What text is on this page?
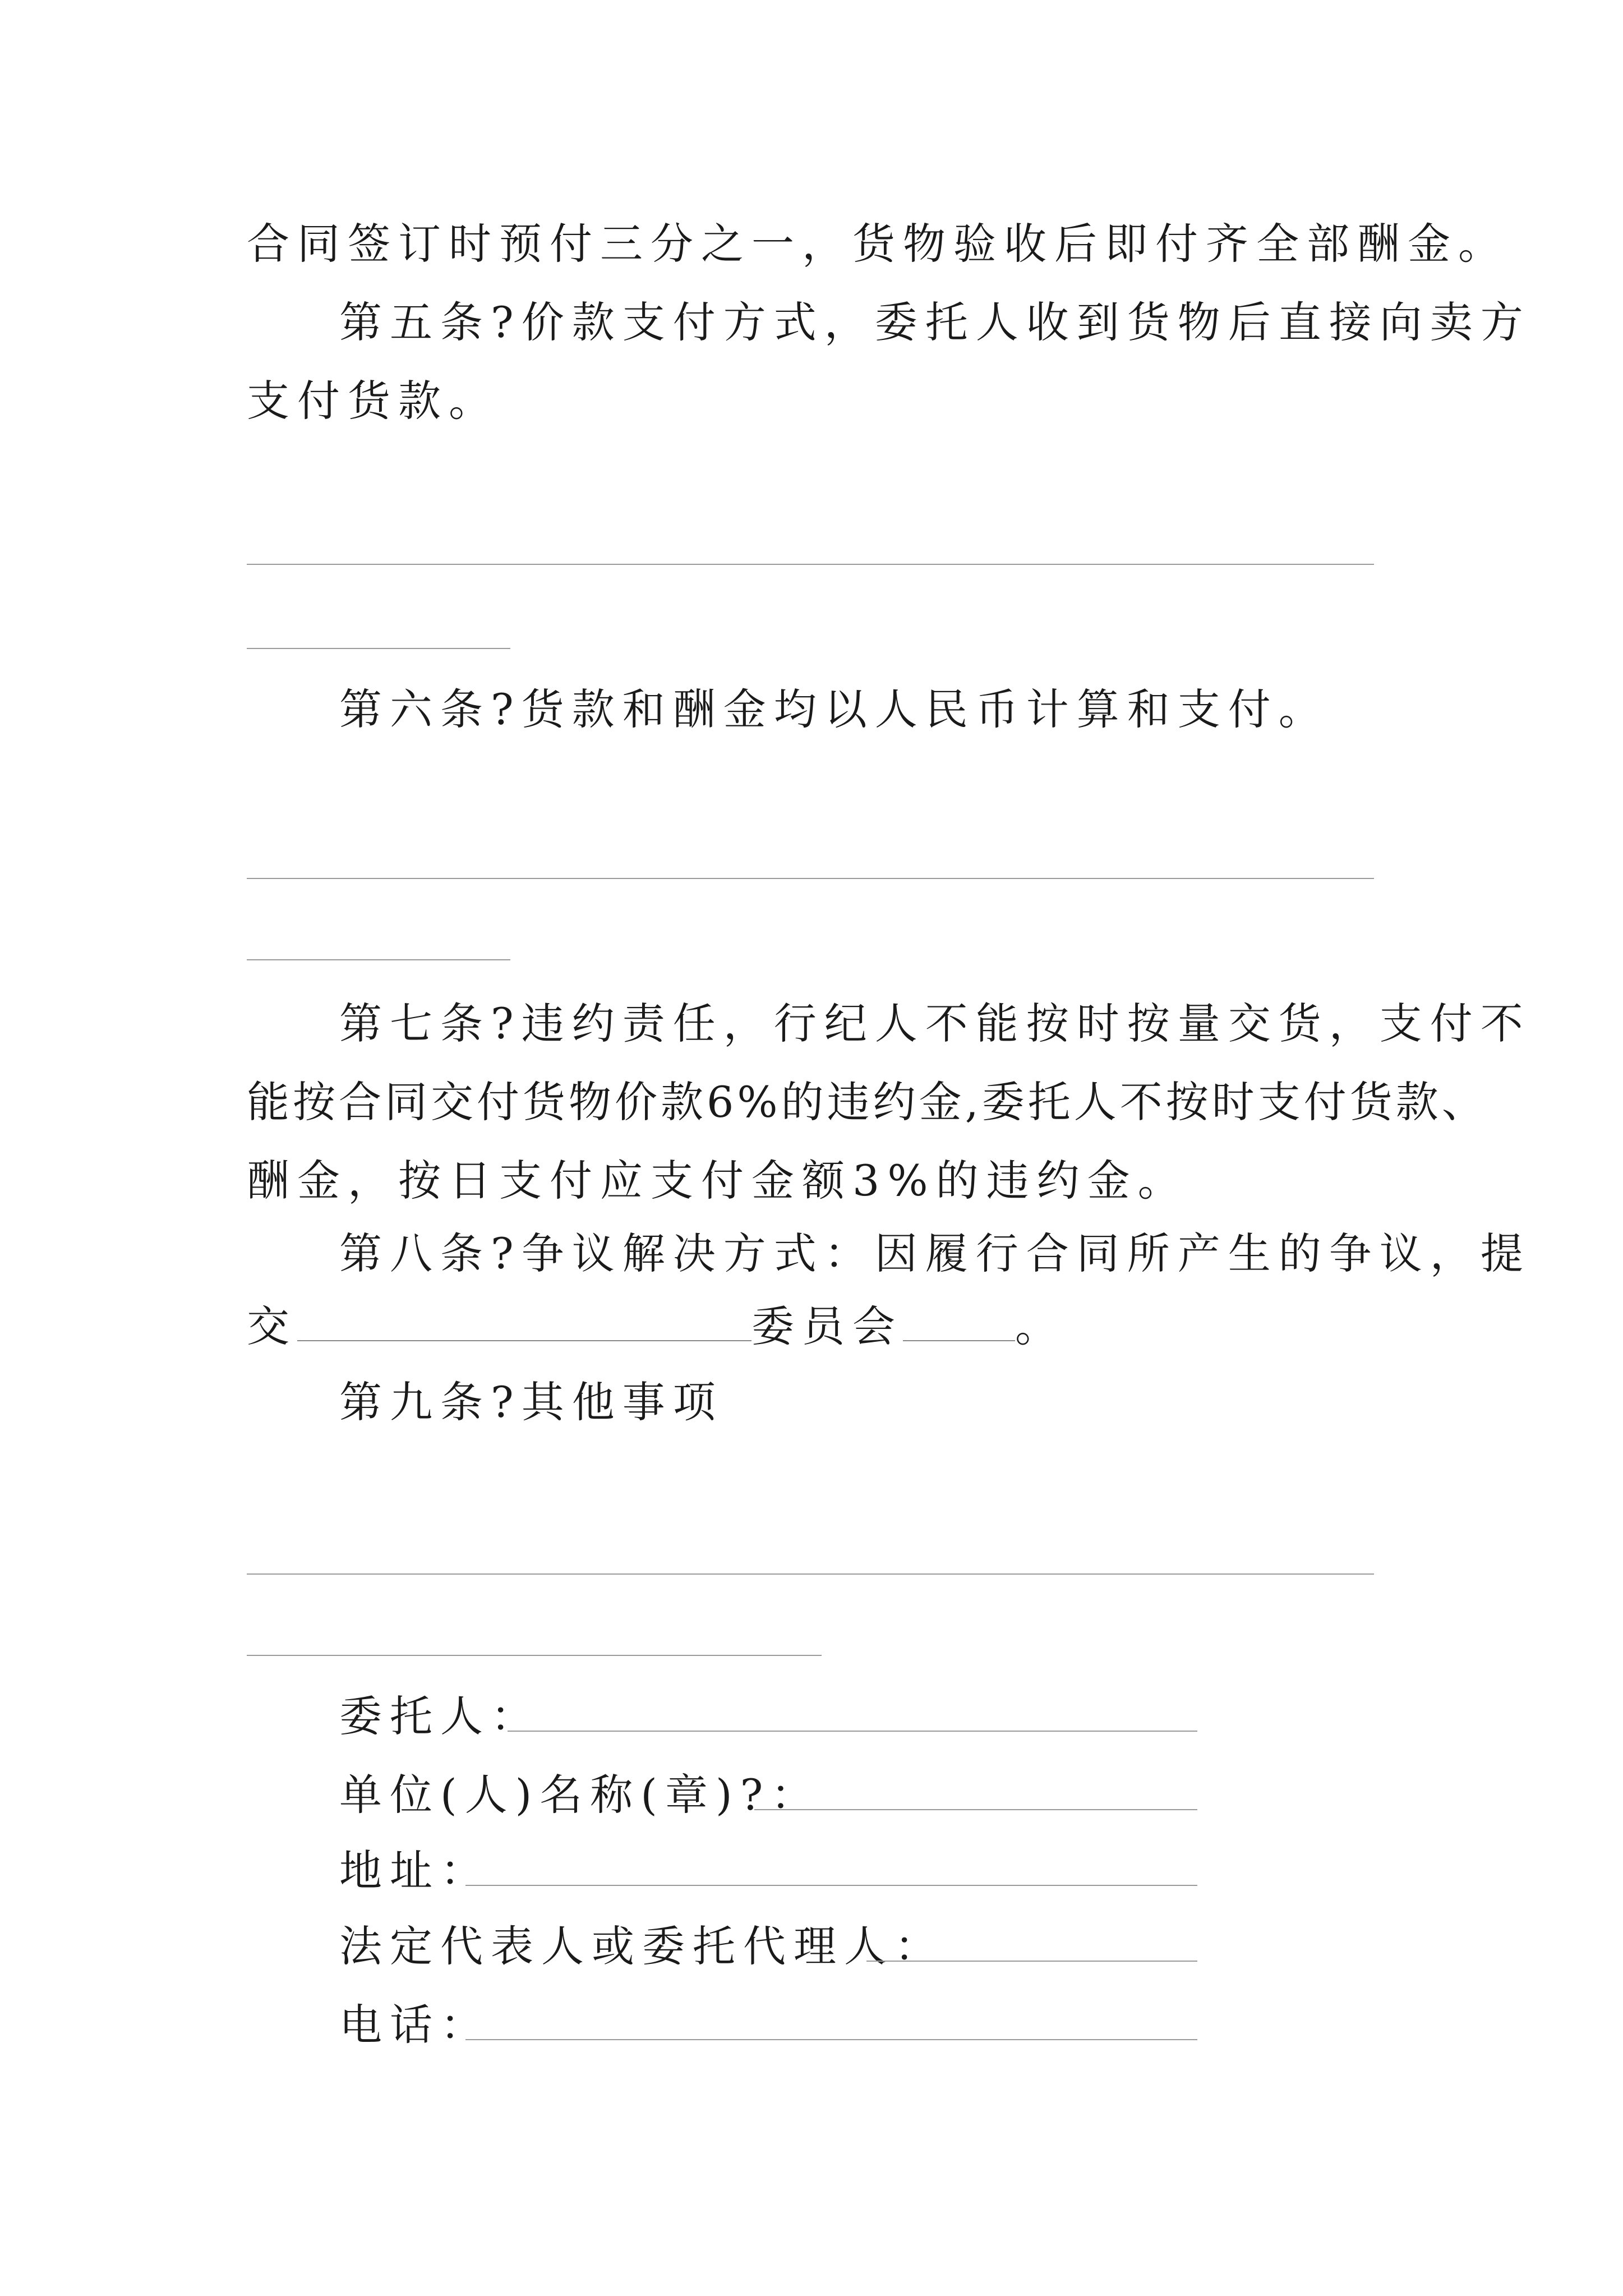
合同签订时预付三分之一，货物验收后即付齐全部酬金。
第五条?价款支付方式，委托人收到货物后直接向卖方
支付货款。
第六条?货款和酬金均以人民币计算和支付。
第七条?违约责任，行纪人不能按时按量交货，支付不
能按合同交付货物价款6%的违约金,委托人不按时支付货款、
酬金，按日支付应支付金额3%的违约金。
第八条?争议解决方式：因履行合同所产生的争议，提
交	委员会	。
第九条?其他事项
委托人：
单位(人)名称(章)?：
地址：
法定代表人或委托代理人：
电话：
